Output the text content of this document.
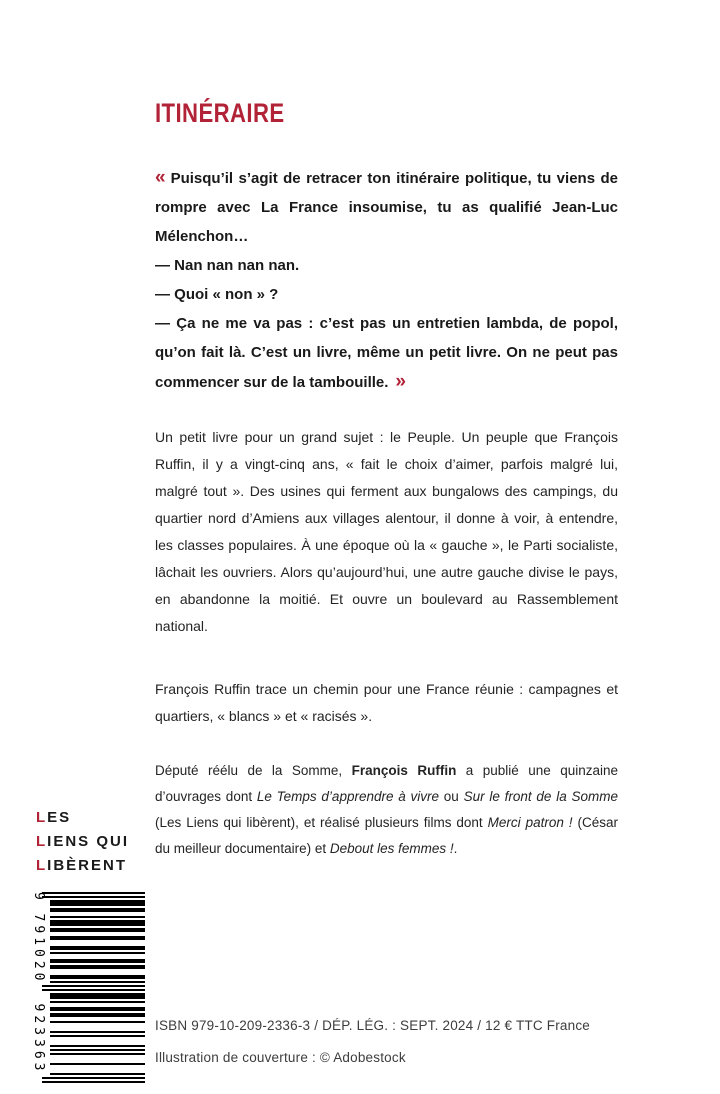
ITINÉRAIRE

« Puisqu’il s’agit de retracer ton itinéraire politique, tu viens de rompre avec La France insoumise, tu as qualifié Jean-Luc Mélenchon…

— Nan nan nan nan.

— Quoi « non » ?

— Ça ne me va pas : c’est pas un entretien lambda, de popol, qu’on fait là. C’est un livre, même un petit livre. On ne peut pas commencer sur de la tambouille. »

Un petit livre pour un grand sujet : le Peuple. Un peuple que François Ruffin, il y a vingt-cinq ans, « fait le choix d’aimer, parfois malgré lui, malgré tout ». Des usines qui ferment aux bungalows des campings, du quartier nord d’Amiens aux villages alentour, il donne à voir, à entendre, les classes populaires. À une époque où la « gauche », le Parti socialiste, lâchait les ouvriers. Alors qu’aujourd’hui, une autre gauche divise le pays, en abandonne la moitié. Et ouvre un boulevard au Rassemblement national.
François Ruffin trace un chemin pour une France réunie : campagnes et quartiers, « blancs » et « racisés ».
Député réélu de la Somme, François Ruffin a publié une quinzaine d’ouvrages dont Le Temps d’apprendre à vivre ou Sur le front de la Somme (Les Liens qui libèrent), et réalisé plusieurs films dont Merci patron ! (César du meilleur documentaire) et Debout les femmes !.
LES
LIENS QUI
LIBÈRENT
9
791020
923363	ISBN 979-10-209-2336-3 / DÉP. LÉG. : SEPT. 2024 / 12 € TTC France
Illustration de couverture : © Adobestock
